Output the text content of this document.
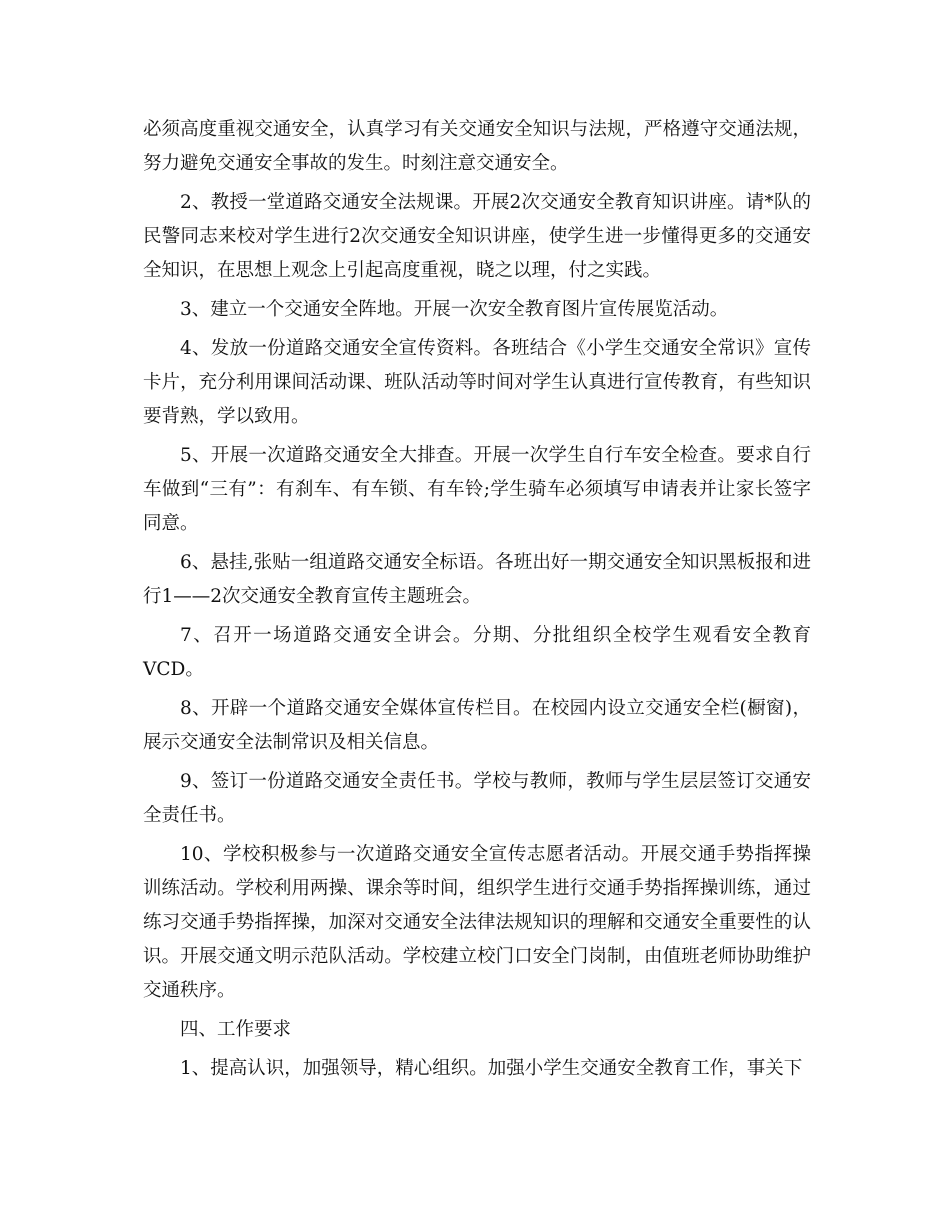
必须高度重视交通安全，认真学习有关交通安全知识与法规，严格遵守交通法规，努力避免交通安全事故的发生。时刻注意交通安全。

2、教授一堂道路交通安全法规课。开展2次交通安全教育知识讲座。请*队的民警同志来校对学生进行2次交通安全知识讲座，使学生进一步懂得更多的交通安全知识，在思想上观念上引起高度重视，晓之以理，付之实践。

3、建立一个交通安全阵地。开展一次安全教育图片宣传展览活动。

4、发放一份道路交通安全宣传资料。各班结合《小学生交通安全常识》宣传卡片，充分利用课间活动课、班队活动等时间对学生认真进行宣传教育，有些知识要背熟，学以致用。

5、开展一次道路交通安全大排查。开展一次学生自行车安全检查。要求自行车做到“三有”：有刹车、有车锁、有车铃;学生骑车必须填写申请表并让家长签字同意。

6、悬挂,张贴一组道路交通安全标语。各班出好一期交通安全知识黑板报和进行1——2次交通安全教育宣传主题班会。

7、召开一场道路交通安全讲会。分期、分批组织全校学生观看安全教育VCD。

8、开辟一个道路交通安全媒体宣传栏目。在校园内设立交通安全栏(橱窗)，展示交通安全法制常识及相关信息。

9、签订一份道路交通安全责任书。学校与教师，教师与学生层层签订交通安全责任书。

10、学校积极参与一次道路交通安全宣传志愿者活动。开展交通手势指挥操训练活动。学校利用两操、课余等时间，组织学生进行交通手势指挥操训练，通过练习交通手势指挥操，加深对交通安全法律法规知识的理解和交通安全重要性的认识。开展交通文明示范队活动。学校建立校门口安全门岗制，由值班老师协助维护交通秩序。

四、工作要求

1、提高认识，加强领导，精心组织。加强小学生交通安全教育工作，事关下
